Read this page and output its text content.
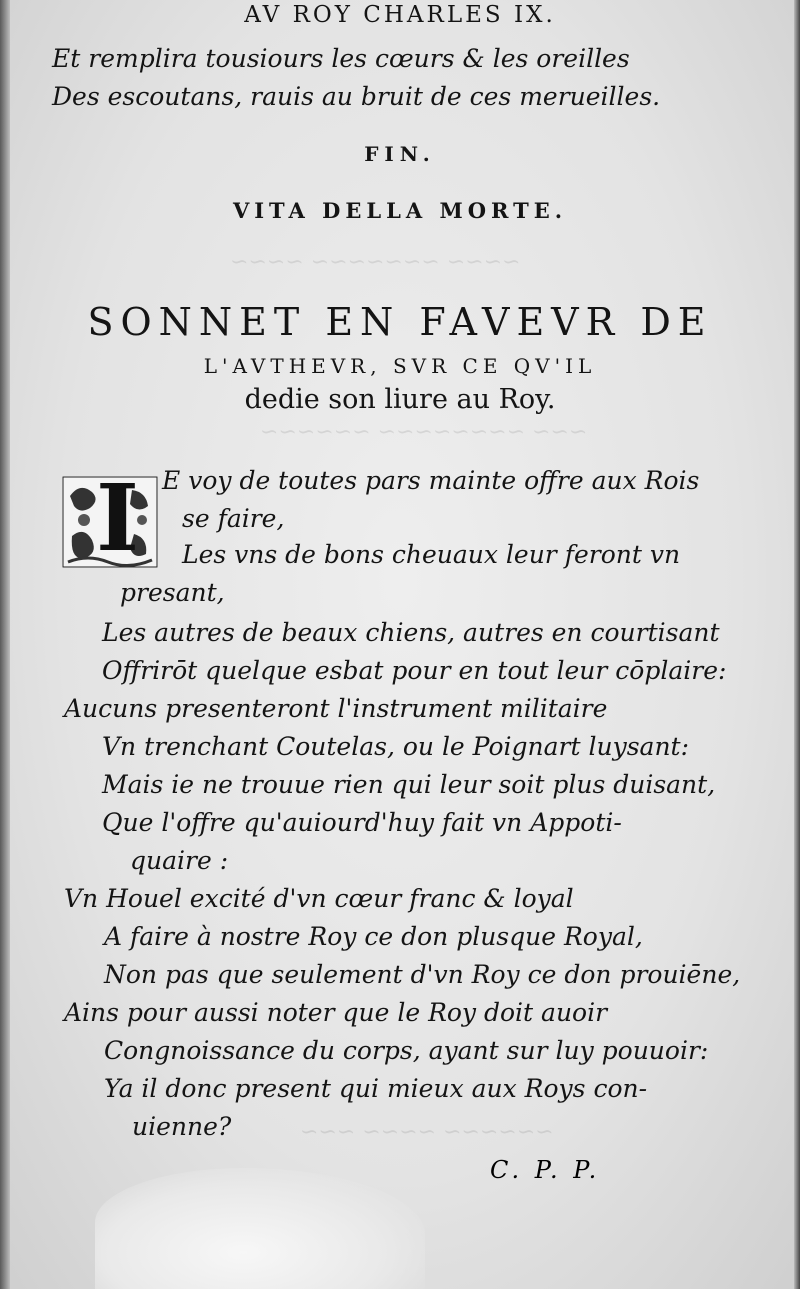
~~~~ ~~~~~~~ ~~~~
~~~ ~~~~~~~~ ~~~~~~
~~~~~~ ~~~~ ~~~
AV ROY CHARLES IX.
Et remplira tousiours les cœurs & les oreilles
Des escoutans, rauis au bruit de ces merueilles.
FIN.
VITA DELLA MORTE.
SONNET EN FAVEVR DE
L'AVTHEVR, SVR CE QV'IL
dedie son liure au Roy.
I E voy de toutes pars mainte offre aux Rois
se faire,
Les vns de bons cheuaux leur feront vn
presant,
Les autres de beaux chiens, autres en courtisant
Offrirōt quelque esbat pour en tout leur cōplaire:
Aucuns presenteront l'instrument militaire
Vn trenchant Coutelas, ou le Poignart luysant:
Mais ie ne trouue rien qui leur soit plus duisant,
Que l'offre qu'auiourd'huy fait vn Appoti-
quaire :
Vn Houel excité d'vn cœur franc & loyal
A faire à nostre Roy ce don plusque Royal,
Non pas que seulement d'vn Roy ce don prouiēne,
Ains pour aussi noter que le Roy doit auoir
Congnoissance du corps, ayant sur luy pouuoir:
Ya il donc present qui mieux aux Roys con-
uienne?
C. P. P.
